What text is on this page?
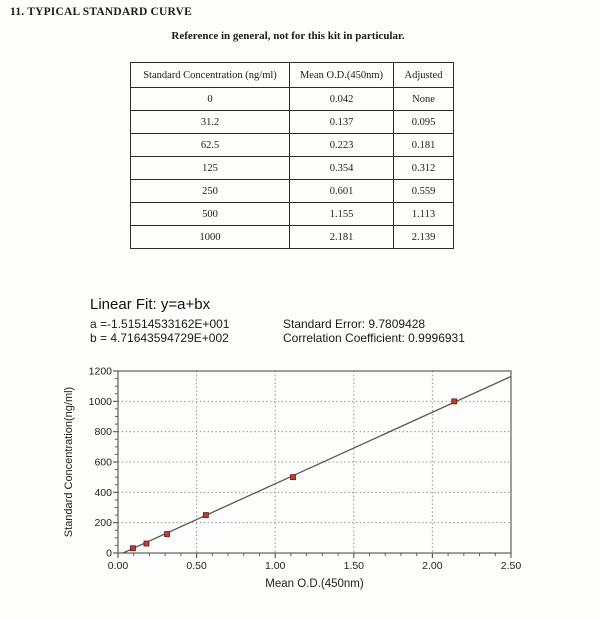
11. TYPICAL STANDARD CURVE
Reference in general, not for this kit in particular.
Standard Concentration (ng/ml)	Mean O.D.(450nm)	Adjusted
0	0.042	None
31.2	0.137	0.095
62.5	0.223	0.181
125	0.354	0.312
250	0.601	0.559
500	1.155	1.113
1000	2.181	2.139
Linear Fit: y=a+bx
a =-1.51514533162E+001
b = 4.71643594729E+002
Standard Error: 9.7809428
Correlation Coefficient: 0.9996931
0.00	0.50	1.00	1.50	2.00	2.50
0
200
400
600
800
1000
1200
Mean O.D.(450nm)
Standard Concentration(ng/ml)
